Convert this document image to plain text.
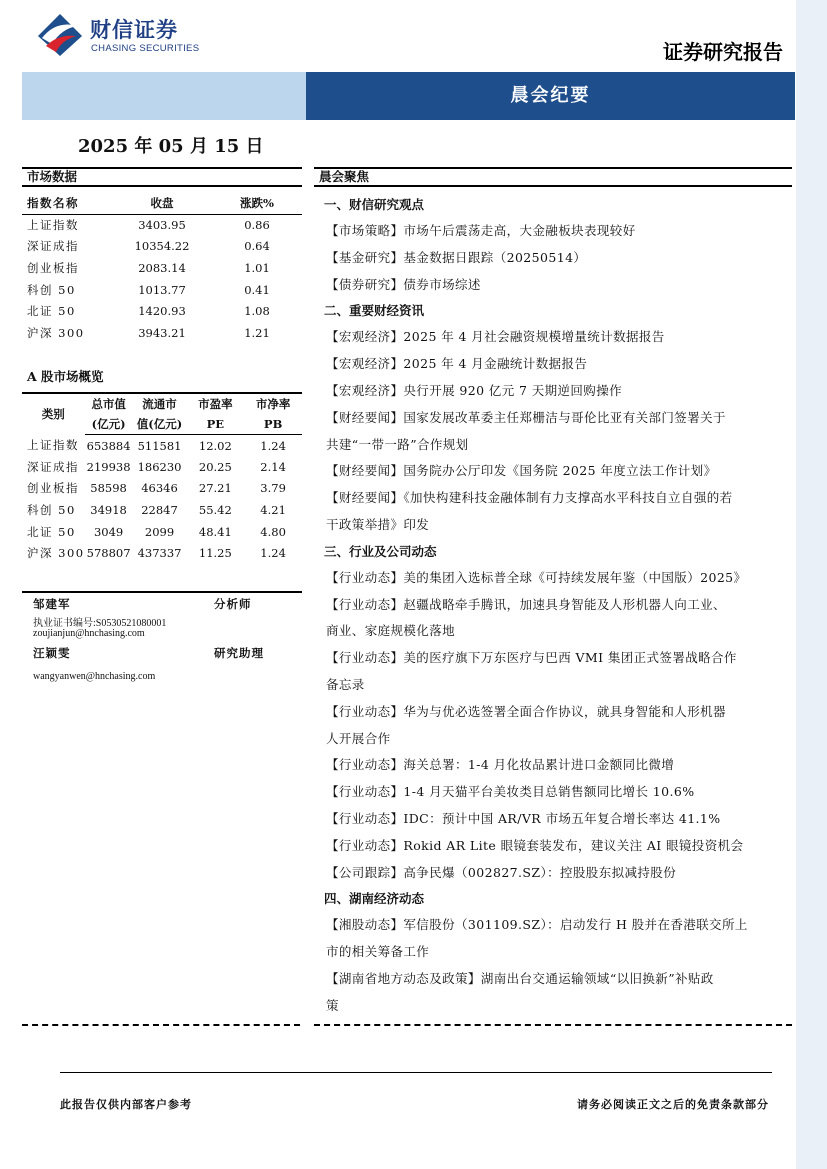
财信证券
CHASING SECURITIES	证券研究报告
晨会纪要
2025 年 05 月 15 日
市场数据
指数名称	收盘	涨跌%
上证指数	3403.95	0.86
深证成指	10354.22	0.64
创业板指	2083.14	1.01
科创 50	1013.77	0.41
北证 50	1420.93	1.08
沪深 300	3943.21	1.21
A 股市场概览
类别	总市值	流通市	市盈率	市净率
	(亿元)	值(亿元)	PE	PB
上证指数	653884	511581	12.02	1.24
深证成指	219938	186230	20.25	2.14
创业板指	58598	46346	27.21	3.79
科创 50	34918	22847	55.42	4.21
北证 50	3049	2099	48.41	4.80
沪深 300	578807	437337	11.25	1.24
邹建军	分析师
执业证书编号:S0530521080001
zoujianjun@hnchasing.com
汪颖雯	研究助理
wangyanwen@hnchasing.com
晨会聚焦
一、财信研究观点
【市场策略】市场午后震荡走高，大金融板块表现较好
【基金研究】基金数据日跟踪（20250514）
【债券研究】债券市场综述
二、重要财经资讯
【宏观经济】2025 年 4 月社会融资规模增量统计数据报告
【宏观经济】2025 年 4 月金融统计数据报告
【宏观经济】央行开展 920 亿元 7 天期逆回购操作
【财经要闻】国家发展改革委主任郑栅洁与哥伦比亚有关部门签署关于
共建“一带一路”合作规划
【财经要闻】国务院办公厅印发《国务院 2025 年度立法工作计划》
【财经要闻】《加快构建科技金融体制有力支撑高水平科技自立自强的若
干政策举措》印发
三、行业及公司动态
【行业动态】美的集团入选标普全球《可持续发展年鉴（中国版）2025》
【行业动态】赵疆战略牵手腾讯，加速具身智能及人形机器人向工业、
商业、家庭规模化落地
【行业动态】美的医疗旗下万东医疗与巴西 VMI 集团正式签署战略合作
备忘录
【行业动态】华为与优必选签署全面合作协议，就具身智能和人形机器
人开展合作
【行业动态】海关总署：1-4 月化妆品累计进口金额同比微增
【行业动态】1-4 月天猫平台美妆类目总销售额同比增长 10.6%
【行业动态】IDC：预计中国 AR/VR 市场五年复合增长率达 41.1%
【行业动态】Rokid AR Lite 眼镜套装发布，建议关注 AI 眼镜投资机会
【公司跟踪】高争民爆（002827.SZ）：控股股东拟减持股份
四、湖南经济动态
【湘股动态】军信股份（301109.SZ）：启动发行 H 股并在香港联交所上
市的相关筹备工作
【湖南省地方动态及政策】湖南出台交通运输领域“以旧换新”补贴政
策
此报告仅供内部客户参考	请务必阅读正文之后的免责条款部分
